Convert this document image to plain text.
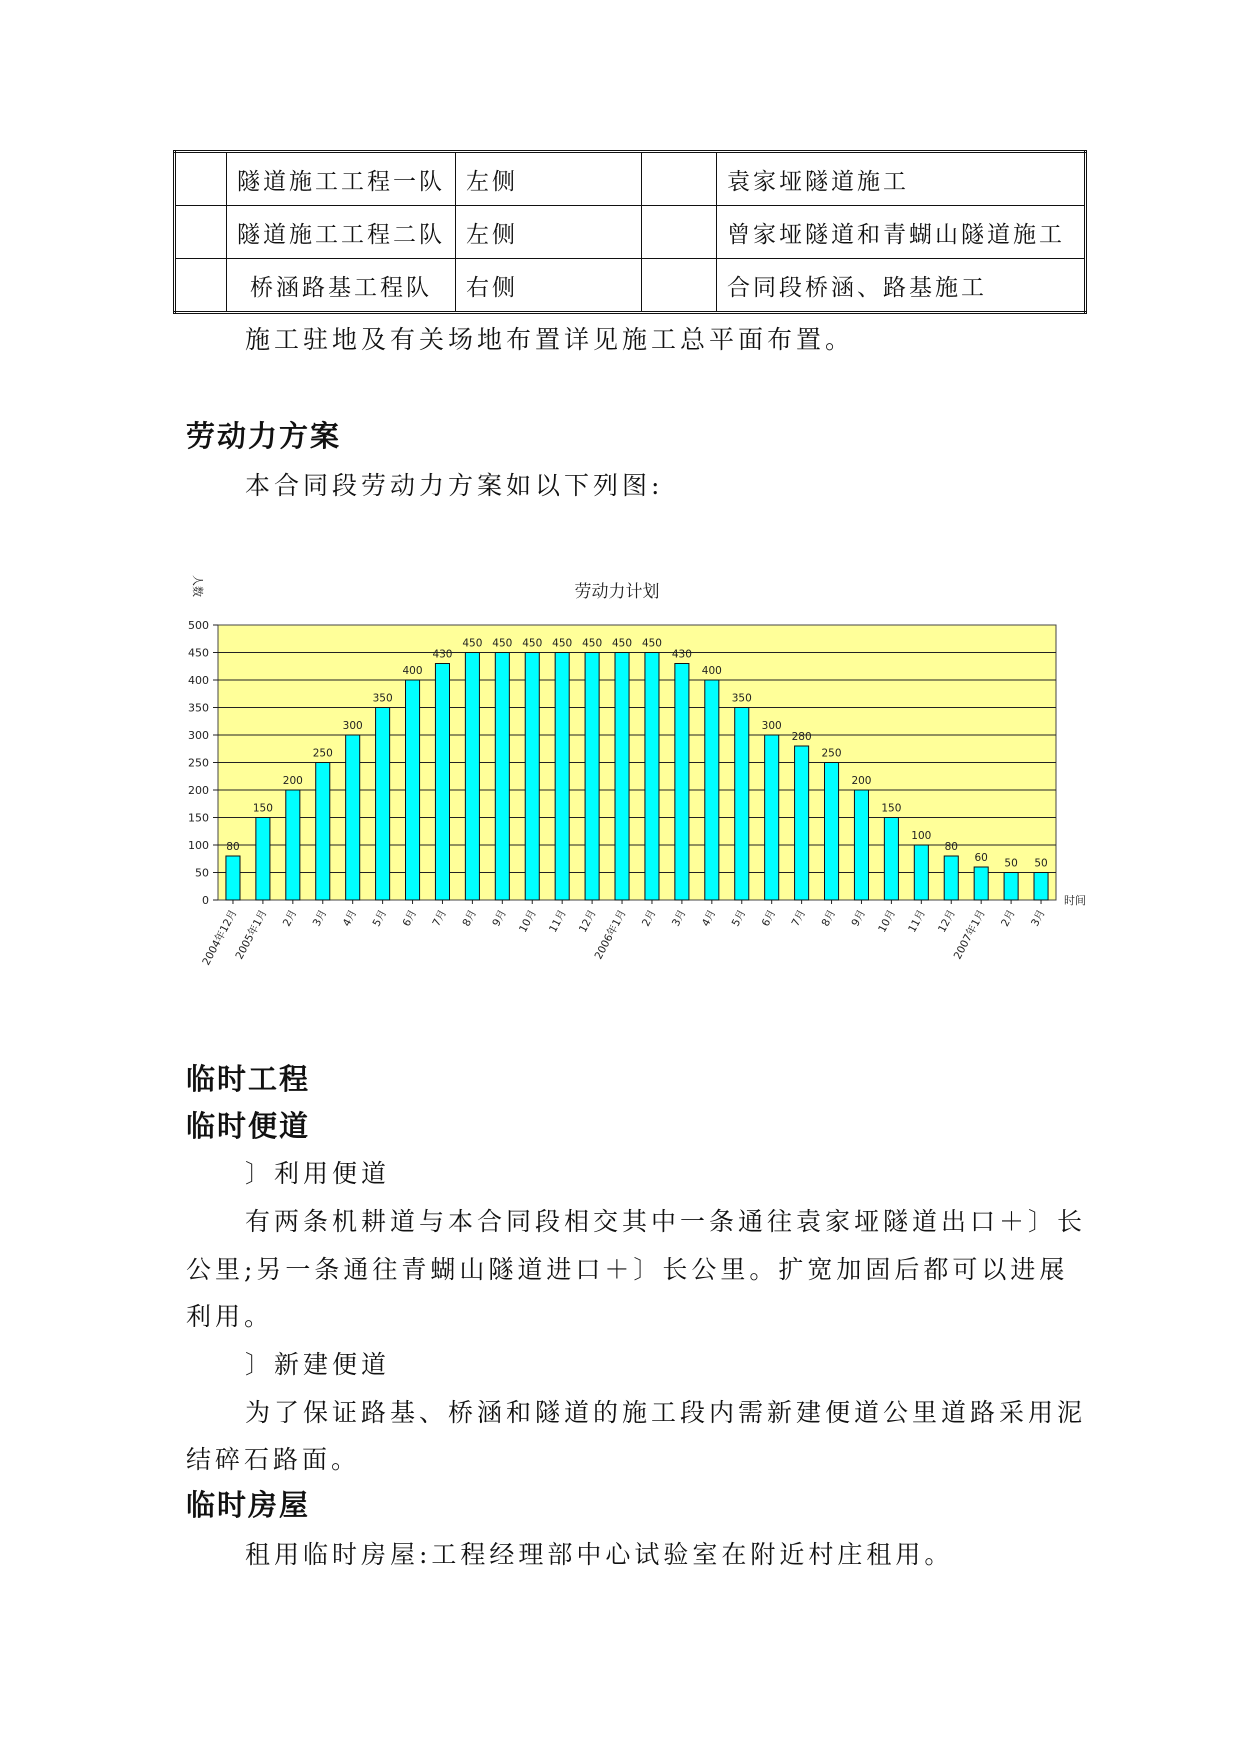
	隧道施工工程一队	左侧		袁家垭隧道施工
	隧道施工工程二队	左侧		曾家垭隧道和青蝴山隧道施工
	桥涵路基工程队	右侧		合同段桥涵、路基施工
施工驻地及有关场地布置详见施工总平面布置。
劳动力方案
本合同段劳动力方案如以下列图:
0
50
100
150
200
250
300
350
400
450
500
80
2004年12月
150
2005年1月
200
2月
250
3月
300
4月
350
5月
400
6月
430
7月
450
8月
450
9月
450
10月
450
11月
450
12月
450
2006年1月
450
2月
430
3月
400
4月
350
5月
300
6月
280
7月
250
8月
200
9月
150
10月
100
11月
80
12月
60
2007年1月
50
2月
50
3月
劳动力计划
人数
时间
临时工程
临时便道
〕利用便道
有两条机耕道与本合同段相交其中一条通往袁家垭隧道出口＋〕长
公里;另一条通往青蝴山隧道进口＋〕长公里。扩宽加固后都可以进展
利用。
〕新建便道
为了保证路基、桥涵和隧道的施工段内需新建便道公里道路采用泥
结碎石路面。
临时房屋
租用临时房屋:工程经理部中心试验室在附近村庄租用。
